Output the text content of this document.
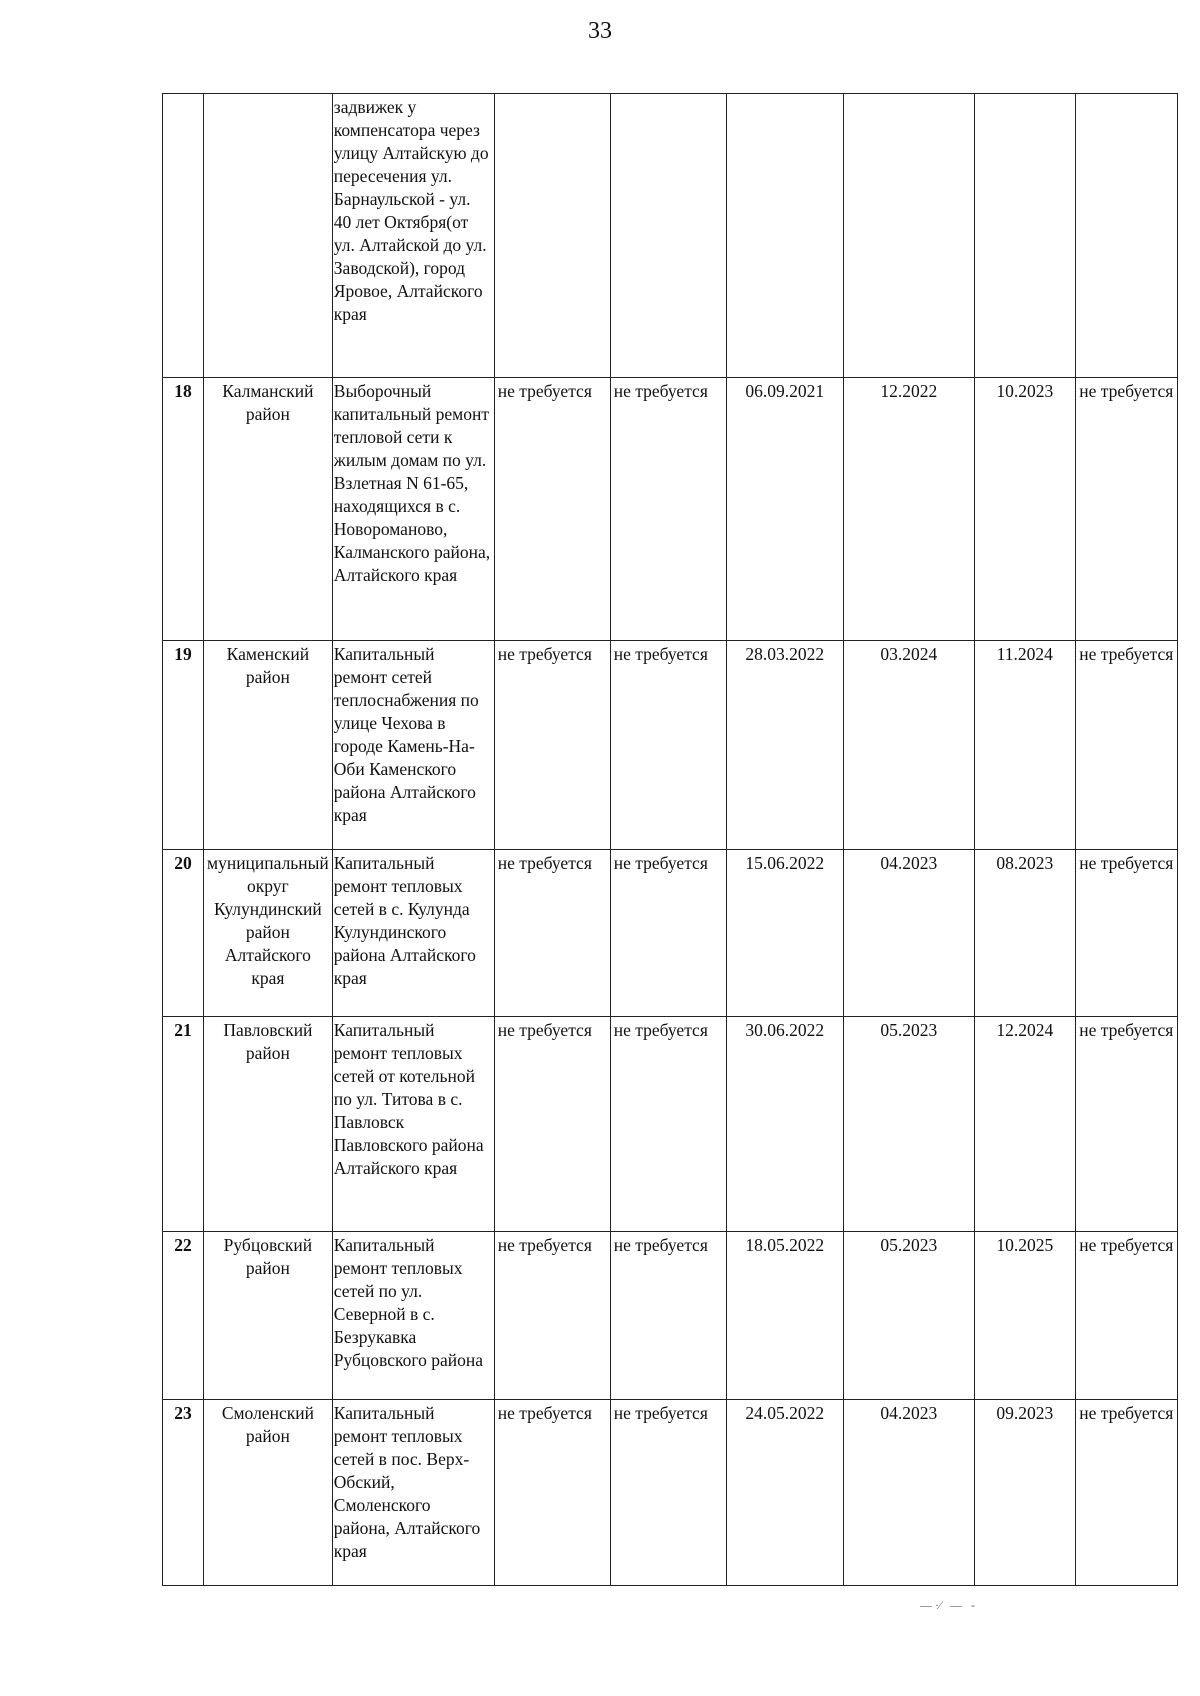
33
		задвижек у компенсатора через улицу Алтайскую до пересечения ул. Барнаульской - ул. 40 лет Октября(от ул. Алтайской до ул. Заводской), город Яровое, Алтайского края						
18	Калманский район	Выборочный капитальный ремонт тепловой сети к жилым домам по ул. Взлетная N 61-65, находящихся в с. Новороманово, Калманского района, Алтайского края	не требуется	не требуется	06.09.2021	12.2022	10.2023	не требуется
19	Каменский район	Капитальный ремонт сетей теплоснабжения по улице Чехова в городе Камень-На-Оби Каменского района Алтайского края	не требуется	не требуется	28.03.2022	03.2024	11.2024	не требуется
20	муниципальный округ Кулундинский район Алтайского края	Капитальный ремонт тепловых сетей в с. Кулунда Кулундинского района Алтайского края	не требуется	не требуется	15.06.2022	04.2023	08.2023	не требуется
21	Павловский район	Капитальный ремонт тепловых сетей от котельной по ул. Титова в с. Павловск Павловского района Алтайского края	не требуется	не требуется	30.06.2022	05.2023	12.2024	не требуется
22	Рубцовский район	Капитальный ремонт тепловых сетей по ул. Северной в с. Безрукавка Рубцовского района	не требуется	не требуется	18.05.2022	05.2023	10.2025	не требуется
23	Смоленский район	Капитальный ремонт тепловых сетей в пос. Верх-Обский, Смоленского района, Алтайского края	не требуется	не требуется	24.05.2022	04.2023	09.2023	не требуется
— ·⁄   —   ‐
